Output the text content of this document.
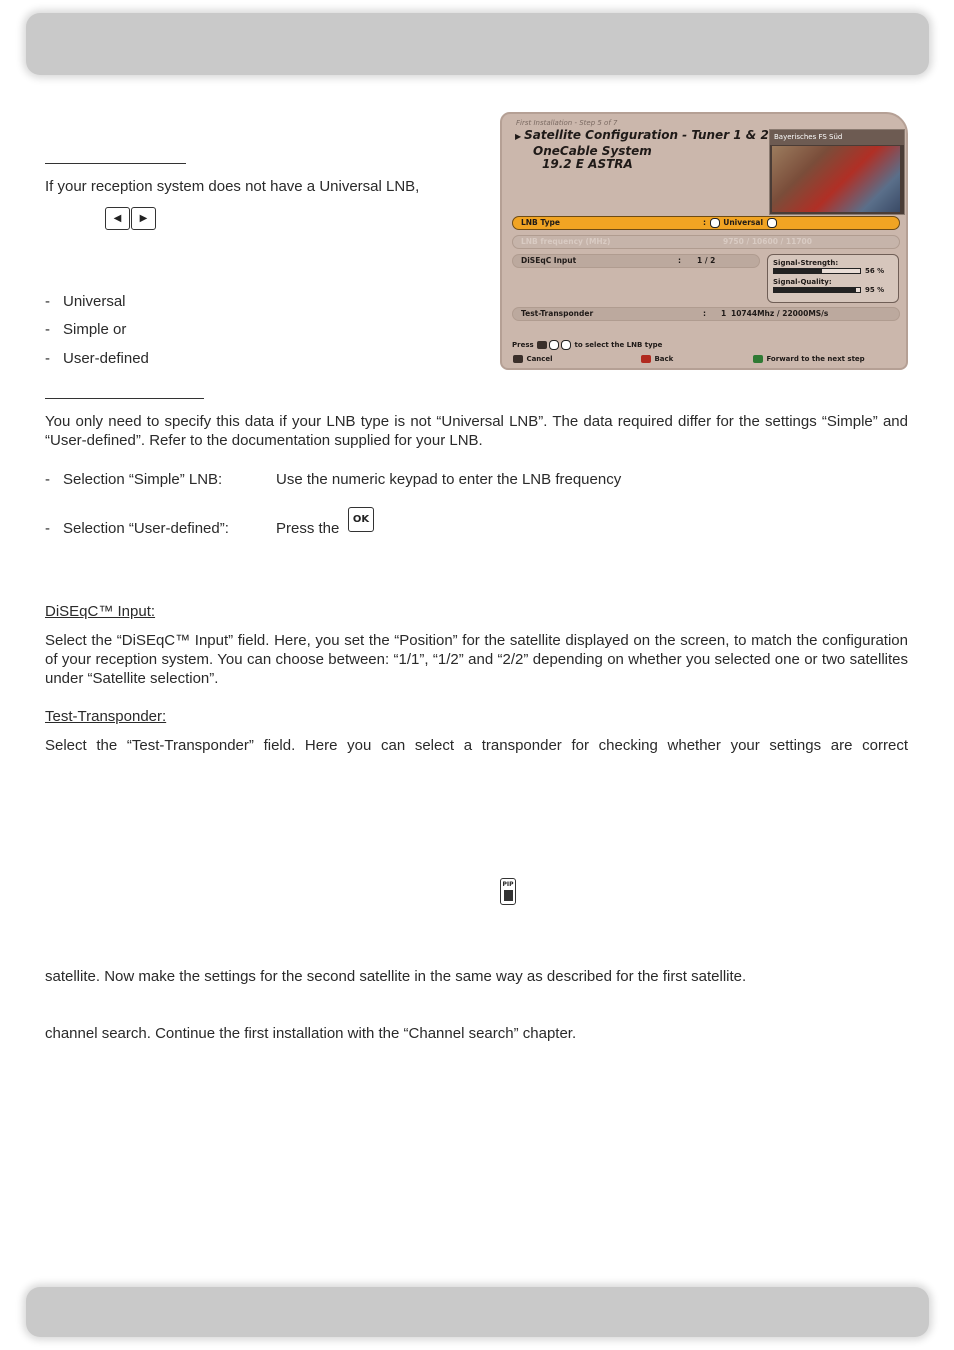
If your reception system does not have a Universal LNB,
◀	▶
- Universal
- Simple or
- User-defined
First Installation - Step 5 of 7
▶ Satellite Configuration - Tuner 1 & 2
OneCable System
19.2 E ASTRA
Bayerisches FS Süd
LNB Type	:  Universal
LNB frequency (MHz)	9750 / 10600 / 11700
DiSEqC Input	: 1 / 2	Signal-Strength:
56 %
Signal-Quality:
95 %
Test-Transponder	: 1 10744Mhz / 22000MS/s
Press	to select the LNB type
Cancel	Back	Forward to the next step
You only need to specify this data if your LNB type is not “Universal LNB”. The data required differ for the settings “Simple” and “User-defined”. Refer to the documentation supplied for your LNB.
- Selection “Simple” LNB:	Use the numeric keypad to enter the LNB frequency
- Selection “User-defined”:	Press the
OK
DiSEqC™ Input:
Select the “DiSEqC™ Input” field. Here, you set the “Position” for the satellite displayed on the screen, to match the configuration of your reception system. You can choose between: “1/1”, “1/2” and “2/2” depending on whether you selected one or two satellites under “Satellite selection”.
Test-Transponder:
Select the “Test-Transponder” field. Here you can select a transponder for checking whether your settings are correct
PIP
satellite. Now make the settings for the second satellite in the same way as described for the first satellite.
channel search. Continue the first installation with the “Channel search” chapter.
